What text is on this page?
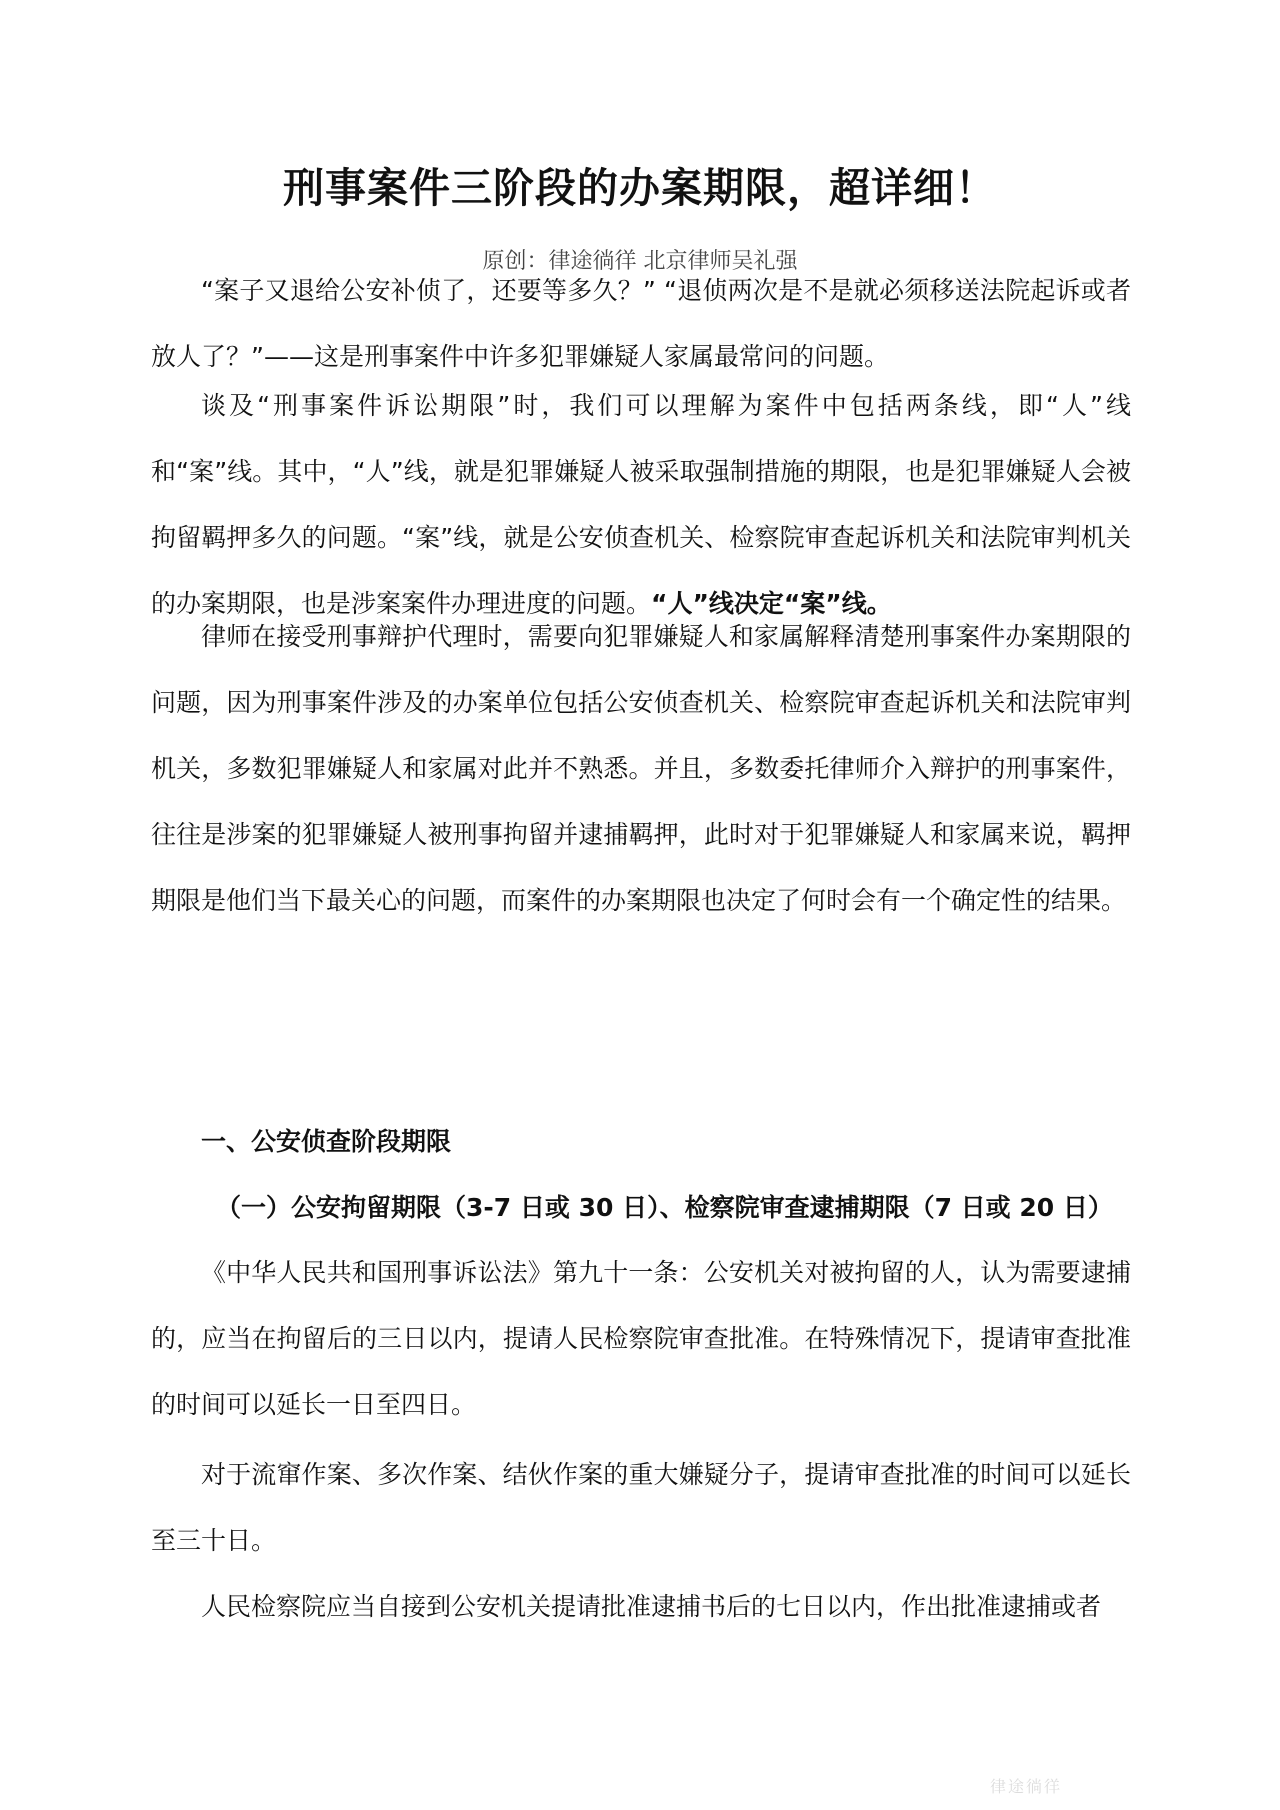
刑事案件三阶段的办案期限，超详细！
原创：律途徜徉 北京律师吴礼强

“案子又退给公安补侦了，还要等多久？” “退侦两次是不是就必须移送法院起诉或者放人了？”——这是刑事案件中许多犯罪嫌疑人家属最常问的问题。

谈及“刑事案件诉讼期限”时，我们可以理解为案件中包括两条线，即“人”线和“案”线。其中，“人”线，就是犯罪嫌疑人被采取强制措施的期限，也是犯罪嫌疑人会被拘留羁押多久的问题。“案”线，就是公安侦查机关、检察院审查起诉机关和法院审判机关的办案期限，也是涉案案件办理进度的问题。“人”线决定“案”线。

律师在接受刑事辩护代理时，需要向犯罪嫌疑人和家属解释清楚刑事案件办案期限的问题，因为刑事案件涉及的办案单位包括公安侦查机关、检察院审查起诉机关和法院审判机关，多数犯罪嫌疑人和家属对此并不熟悉。并且，多数委托律师介入辩护的刑事案件，往往是涉案的犯罪嫌疑人被刑事拘留并逮捕羁押，此时对于犯罪嫌疑人和家属来说，羁押期限是他们当下最关心的问题，而案件的办案期限也决定了何时会有一个确定性的结果。

一、公安侦查阶段期限
（一）公安拘留期限（3-7 日或 30 日）、检察院审查逮捕期限（7 日或 20 日）

《中华人民共和国刑事诉讼法》第九十一条：公安机关对被拘留的人，认为需要逮捕的，应当在拘留后的三日以内，提请人民检察院审查批准。在特殊情况下，提请审查批准的时间可以延长一日至四日。

对于流窜作案、多次作案、结伙作案的重大嫌疑分子，提请审查批准的时间可以延长至三十日。

人民检察院应当自接到公安机关提请批准逮捕书后的七日以内，作出批准逮捕或者

律途徜徉
